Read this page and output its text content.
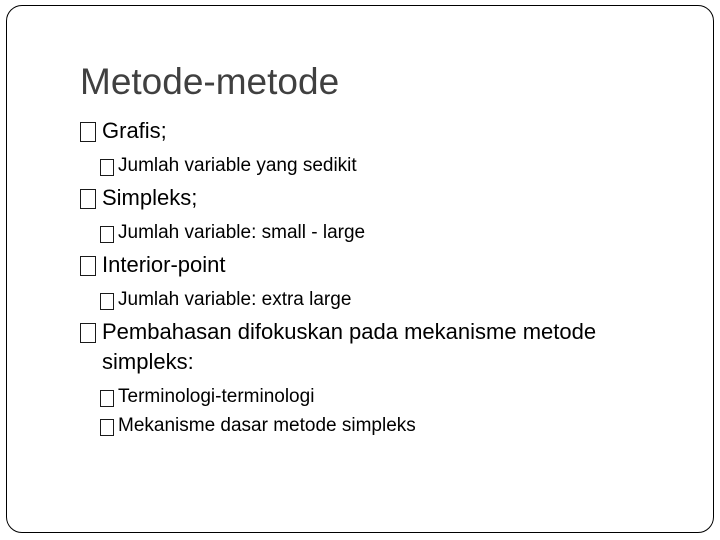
Metode-metode
Grafis;
Jumlah variable yang sedikit
Simpleks;
Jumlah variable: small - large
Interior-point
Jumlah variable: extra large
Pembahasan difokuskan pada mekanisme metode simpleks:
Terminologi-terminologi
Mekanisme dasar metode simpleks
